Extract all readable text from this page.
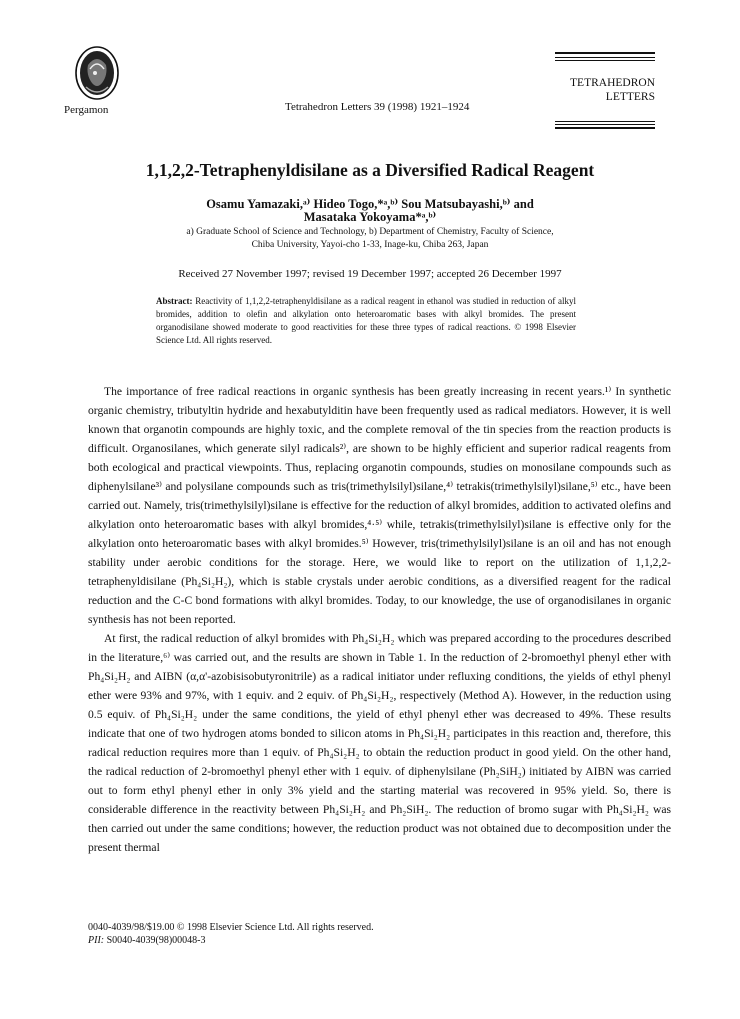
Pergamon	Tetrahedron Letters 39 (1998) 1921–1924
TETRAHEDRON
LETTERS
1,1,2,2-Tetraphenyldisilane as a Diversified Radical Reagent
Osamu Yamazaki,ᵃ⁾ Hideo Togo,*ᵃ,ᵇ⁾ Sou Matsubayashi,ᵇ⁾ and
Masataka Yokoyama*ᵃ,ᵇ⁾
a) Graduate School of Science and Technology, b) Department of Chemistry, Faculty of Science,
Chiba University, Yayoi-cho 1-33, Inage-ku, Chiba 263, Japan
Received 27 November 1997; revised 19 December 1997; accepted 26 December 1997
Abstract: Reactivity of 1,1,2,2-tetraphenyldisilane as a radical reagent in ethanol was studied in reduction of alkyl bromides, addition to olefin and alkylation onto heteroaromatic bases with alkyl bromides. The present organodisilane showed moderate to good reactivities for these three types of radical reactions. © 1998 Elsevier Science Ltd. All rights reserved.

The importance of free radical reactions in organic synthesis has been greatly increasing in recent years.¹⁾ In synthetic organic chemistry, tributyltin hydride and hexabutylditin have been frequently used as radical mediators. However, it is well known that organotin compounds are highly toxic, and the complete removal of the tin species from the reaction products is difficult. Organosilanes, which generate silyl radicals²⁾, are shown to be highly efficient and superior radical reagents from both ecological and practical viewpoints. Thus, replacing organotin compounds, studies on monosilane compounds such as diphenylsilane³⁾ and polysilane compounds such as tris(trimethylsilyl)silane,⁴⁾ tetrakis(trimethylsilyl)silane,⁵⁾ etc., have been carried out. Namely, tris(trimethylsilyl)silane is effective for the reduction of alkyl bromides, addition to activated olefins and alkylation onto heteroaromatic bases with alkyl bromides,⁴·⁵⁾ while, tetrakis(trimethylsilyl)silane is effective only for the alkylation onto heteroaromatic bases with alkyl bromides.⁵⁾ However, tris(trimethylsilyl)silane is an oil and has not enough stability under aerobic conditions for the storage. Here, we would like to report on the utilization of 1,1,2,2-tetraphenyldisilane (Ph₄Si₂H₂), which is stable crystals under aerobic conditions, as a diversified reagent for the radical reduction and the C-C bond formations with alkyl bromides. Today, to our knowledge, the use of organodisilanes in organic synthesis has not been reported.

At first, the radical reduction of alkyl bromides with Ph₄Si₂H₂ which was prepared according to the procedures described in the literature,⁶⁾ was carried out, and the results are shown in Table 1. In the reduction of 2-bromoethyl phenyl ether with Ph₄Si₂H₂ and AIBN (α,α'-azobisisobutyronitrile) as a radical initiator under refluxing conditions, the yields of ethyl phenyl ether were 93% and 97%, with 1 equiv. and 2 equiv. of Ph₄Si₂H₂, respectively (Method A). However, in the reduction using 0.5 equiv. of Ph₄Si₂H₂ under the same conditions, the yield of ethyl phenyl ether was decreased to 49%. These results indicate that one of two hydrogen atoms bonded to silicon atoms in Ph₄Si₂H₂ participates in this reaction and, therefore, this radical reduction requires more than 1 equiv. of Ph₄Si₂H₂ to obtain the reduction product in good yield. On the other hand, the radical reduction of 2-bromoethyl phenyl ether with 1 equiv. of diphenylsilane (Ph₂SiH₂) initiated by AIBN was carried out to form ethyl phenyl ether in only 3% yield and the starting material was recovered in 95% yield. So, there is considerable difference in the reactivity between Ph₄Si₂H₂ and Ph₂SiH₂. The reduction of bromo sugar with Ph₄Si₂H₂ was then carried out under the same conditions; however, the reduction product was not obtained due to decomposition under the present thermal

0040-4039/98/$19.00 © 1998 Elsevier Science Ltd. All rights reserved.
PII: S0040-4039(98)00048-3
